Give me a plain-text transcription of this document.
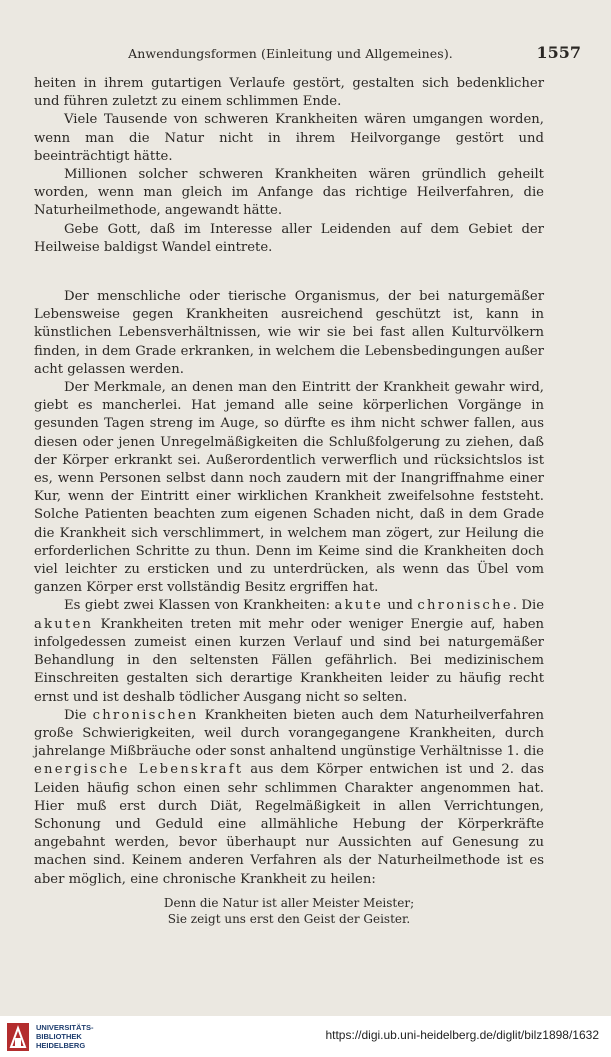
Anwendungsformen (Einleitung und Allgemeines).	1557

heiten in ihrem gutartigen Verlaufe gestört, gestalten sich bedenklicher und führen zuletzt zu einem schlimmen Ende.

Viele Tausende von schweren Krankheiten wären umgangen worden, wenn man die Natur nicht in ihrem Heilvorgange gestört und beeinträchtigt hätte.

Millionen solcher schweren Krankheiten wären gründlich geheilt worden, wenn man gleich im Anfange das richtige Heilverfahren, die Naturheilmethode, angewandt hätte.

Gebe Gott, daß im Interesse aller Leidenden auf dem Gebiet der Heilweise baldigst Wandel eintrete.

Der menschliche oder tierische Organismus, der bei naturgemäßer Lebensweise gegen Krankheiten ausreichend geschützt ist, kann in künstlichen Lebensverhältnissen, wie wir sie bei fast allen Kulturvölkern finden, in dem Grade erkranken, in welchem die Lebensbedingungen außer acht gelassen werden.

Der Merkmale, an denen man den Eintritt der Krankheit gewahr wird, giebt es mancherlei. Hat jemand alle seine körperlichen Vorgänge in gesunden Tagen streng im Auge, so dürfte es ihm nicht schwer fallen, aus diesen oder jenen Unregelmäßigkeiten die Schlußfolgerung zu ziehen, daß der Körper erkrankt sei. Außerordentlich verwerflich und rücksichtslos ist es, wenn Personen selbst dann noch zaudern mit der Inangriffnahme einer Kur, wenn der Eintritt einer wirklichen Krankheit zweifelsohne feststeht. Solche Patienten beachten zum eigenen Schaden nicht, daß in dem Grade die Krankheit sich verschlimmert, in welchem man zögert, zur Heilung die erforderlichen Schritte zu thun. Denn im Keime sind die Krankheiten doch viel leichter zu ersticken und zu unterdrücken, als wenn das Übel vom ganzen Körper erst vollständig Besitz ergriffen hat.

Es giebt zwei Klassen von Krankheiten: akute und chronische. Die akuten Krankheiten treten mit mehr oder weniger Energie auf, haben infolgedessen zumeist einen kurzen Verlauf und sind bei naturgemäßer Behandlung in den seltensten Fällen gefährlich. Bei medizinischem Einschreiten gestalten sich derartige Krankheiten leider zu häufig recht ernst und ist deshalb tödlicher Ausgang nicht so selten.

Die chronischen Krankheiten bieten auch dem Naturheilverfahren große Schwierigkeiten, weil durch vorangegangene Krankheiten, durch jahrelange Mißbräuche oder sonst anhaltend ungünstige Verhältnisse 1. die energische Lebenskraft aus dem Körper entwichen ist und 2. das Leiden häufig schon einen sehr schlimmen Charakter angenommen hat. Hier muß erst durch Diät, Regelmäßigkeit in allen Verrichtungen, Schonung und Geduld eine allmähliche Hebung der Körperkräfte angebahnt werden, bevor überhaupt nur Aussichten auf Genesung zu machen sind. Keinem anderen Verfahren als der Naturheilmethode ist es aber möglich, eine chronische Krankheit zu heilen:

Denn die Natur ist aller Meister Meister;
Sie zeigt uns erst den Geist der Geister.
UNIVERSITÄTS-
BIBLIOTHEK
HEIDELBERG
https://digi.ub.uni-heidelberg.de/diglit/bilz1898/1632
